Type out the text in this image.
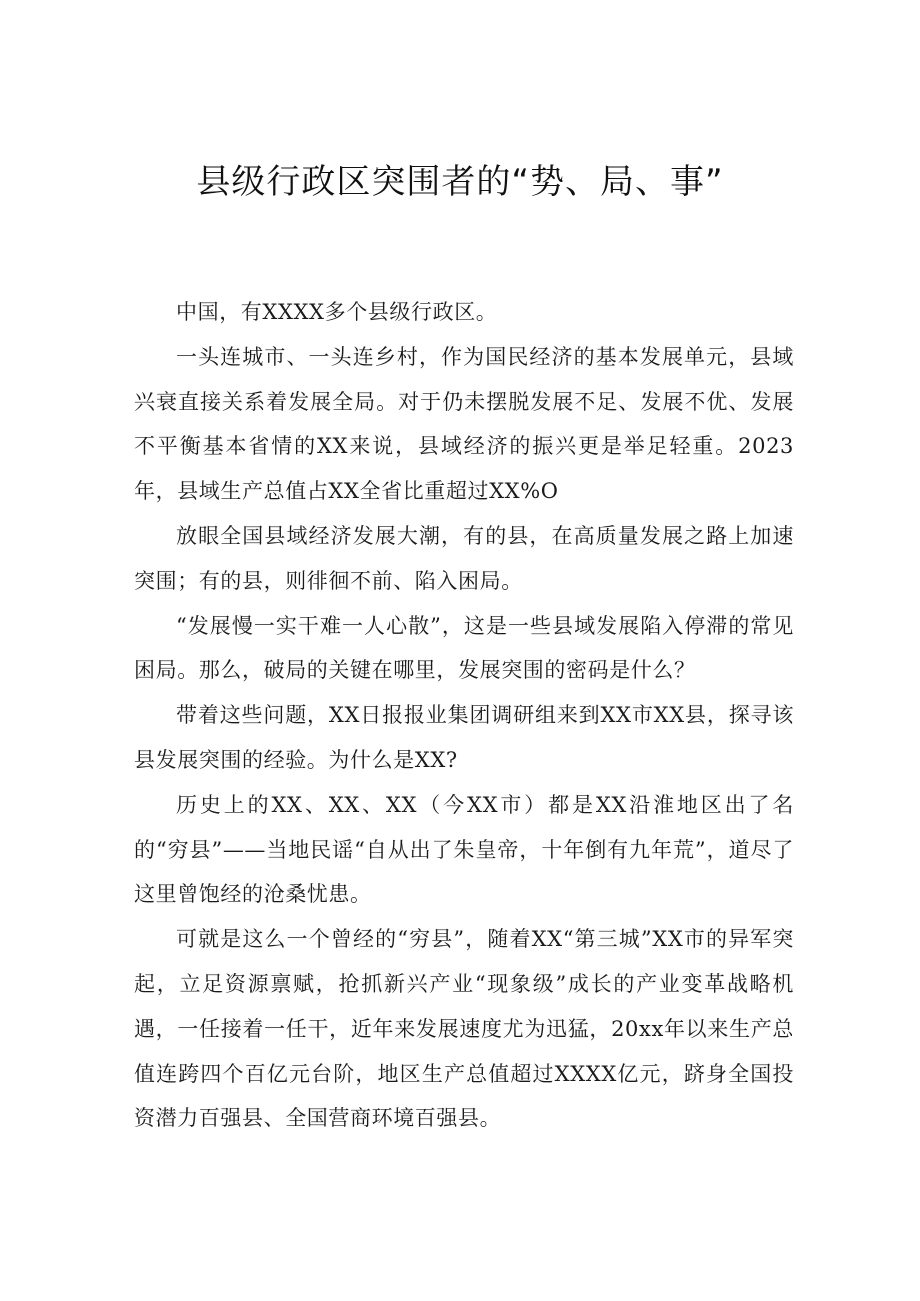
县级行政区突围者的“势、局、事”

中国，有XXXX多个县级行政区。

一头连城市、一头连乡村，作为国民经济的基本发展单元，县域兴衰直接关系着发展全局。对于仍未摆脱发展不足、发展不优、发展不平衡基本省情的XX来说，县域经济的振兴更是举足轻重。2023年，县域生产总值占XX全省比重超过XX%O

放眼全国县域经济发展大潮，有的县，在高质量发展之路上加速突围；有的县，则徘徊不前、陷入困局。

“发展慢一实干难一人心散”，这是一些县域发展陷入停滞的常见困局。那么，破局的关键在哪里，发展突围的密码是什么？

带着这些问题，XX日报报业集团调研组来到XX市XX县，探寻该县发展突围的经验。为什么是XX?

历史上的XX、XX、XX（今XX市）都是XX沿淮地区出了名的“穷县”——当地民谣“自从出了朱皇帝，十年倒有九年荒”，道尽了这里曾饱经的沧桑忧患。

可就是这么一个曾经的“穷县”，随着XX“第三城”XX市的异军突起，立足资源禀赋，抢抓新兴产业“现象级”成长的产业变革战略机遇，一任接着一任干，近年来发展速度尤为迅猛，20xx年以来生产总值连跨四个百亿元台阶，地区生产总值超过XXXX亿元，跻身全国投资潜力百强县、全国营商环境百强县。
